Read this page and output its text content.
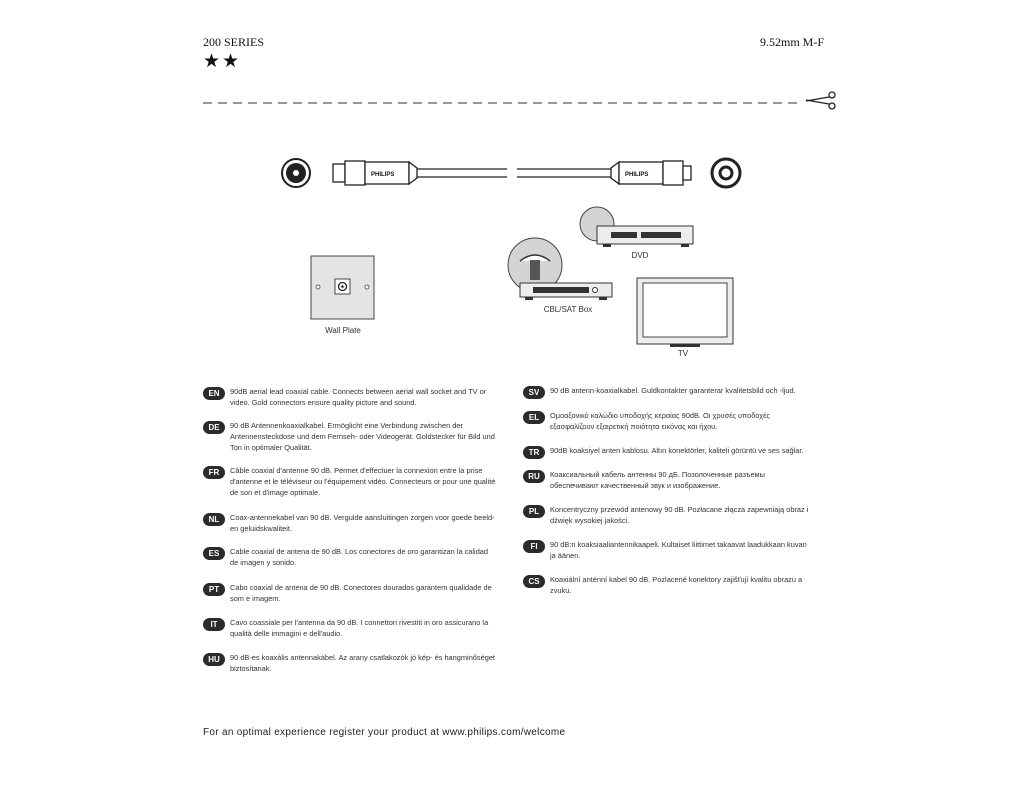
200 SERIES	9.52mm M-F
★★
PHILIPS	PHILIPS
Wall Plate
DVD
CBL/SAT Box
TV
EN	90dB aerial lead coaxial cable. Connects between aerial wall socket and TV or video. Gold connectors ensure quality picture and sound.
DE	90 dB Antennenkoaxialkabel. Ermöglicht eine Verbindung zwischen der Antennensteckdose und dem Fernseh- oder Videogerät. Goldstecker für Bild und Ton in optimaler Qualität.
FR	Câble coaxial d'antenne 90 dB. Permet d'effectuer la connexion entre la prise d'antenne et le téléviseur ou l'équipement vidéo. Connecteurs or pour une qualité de son et d'image optimale.
NL	Coax-antennekabel van 90 dB. Vergulde aansluitingen zorgen voor goede beeld- en geluidskwaliteit.
ES	Cable coaxial de antena de 90 dB. Los conectores de oro garantizan la calidad de imagen y sonido.
PT	Cabo coaxial de antena de 90 dB. Conectores dourados garantem qualidade de som e imagem.
IT	Cavo coassiale per l'antenna da 90 dB. I connettori rivestiti in oro assicurano la qualità delle immagini e dell'audio.
HU	90 dB-es koaxális antennakábel. Az arany csatlakozók jó kép- és hangminőséget biztosítanak.
SV	90 dB antenn-koaxialkabel. Guldkontakter garanterar kvalitetsbild och -ljud.
EL	Ομοαξονικό καλώδιο υποδοχής κεραίας 90dB. Οι χρυσές υποδοχές εξασφαλίζουν εξαιρετική ποιότητα εικόνας και ήχου.
TR	90dB koaksiyel anten kablosu. Altın konektörler, kaliteli görüntü ve ses sağlar.
RU	Коаксиальный кабель антенны 90 дБ. Позолоченные разъемы обеспечивают качественный звук и изображение.
PL	Koncentryczny przewód antenowy 90 dB. Pozłacane złącza zapewniają obraz i dźwięk wysokiej jakości.
FI	90 dB:n koaksiaaliantennikaapeli. Kultaiset liittimet takaavat laadukkaan kuvan ja äänen.
CS	Koaxiální anténní kabel 90 dB. Pozlacené konektory zajišťují kvalitu obrazu a zvuku.
For an optimal experience register your product at www.philips.com/welcome
